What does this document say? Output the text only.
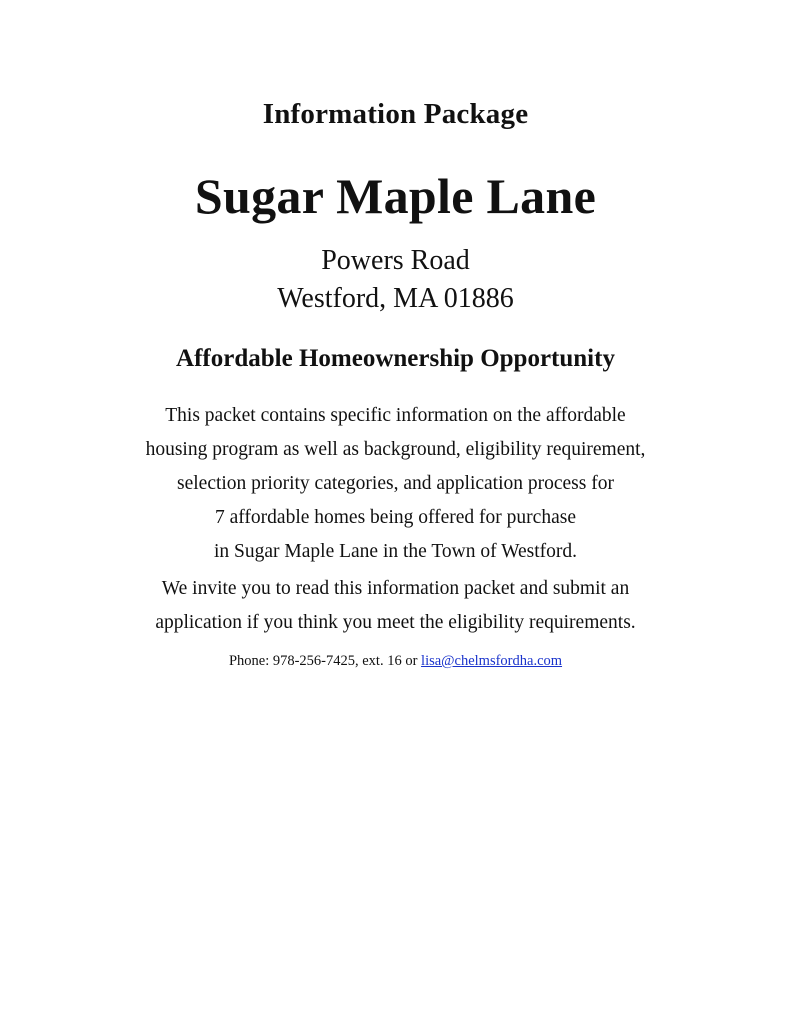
Information Package
Sugar Maple Lane
Powers Road
Westford, MA 01886
Affordable Homeownership Opportunity
This packet contains specific information on the affordable
housing program as well as background, eligibility requirement,
selection priority categories, and application process for
7 affordable homes being offered for purchase
in Sugar Maple Lane in the Town of Westford.
We invite you to read this information packet and submit an
application if you think you meet the eligibility requirements.
Phone: 978-256-7425, ext. 16 or lisa@chelmsfordha.com
